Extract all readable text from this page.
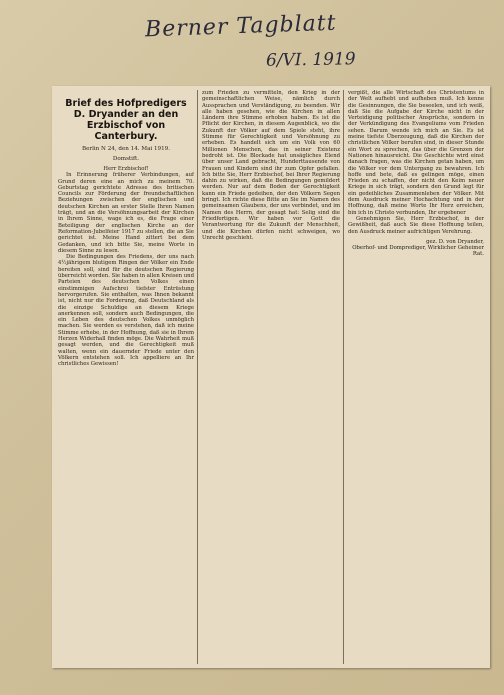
Berner Tagblatt
6/VI. 1919
Brief des Hofpredigers D. Dryander an den Erzbischof von Canterbury.
Berlin N 24, den 14. Mai 1919.
Domstift.

Herr Erzbischof!

In Erinnerung früherer Verbindungen, auf Grund deren eine an mich zu meinem 70. Geburtstag gerichtete Adresse des britischen Councils zur Förderung der freundschaftlichen Beziehungen zwischen der englischen und deutschen Kirchen an erster Stelle Ihren Namen trägt, und an die Versöhnungsarbeit der Kirchen in Ihrem Sinne, wage ich es, die Frage einer Beteiligung der englischen Kirche an der Reformation-Jubelfeier 1917 zu stellen, die an Sie gerichtet ist. Meine Hand zittert bei dem Gedanken, und ich bitte Sie, meine Worte in diesem Sinne zu lesen.

Die Bedingungen des Friedens, der uns nach 4½jährigem blutigem Ringen der Völker ein Ende bereiten soll, sind für die deutschen Regierung überreicht worden. Sie haben in allen Kreisen und Parteien des deutschen Volkes einen einstimmigen Aufschrei tiefster Entrüstung hervorgerufen. Sie enthalten, was Ihnen bekannt ist, nicht nur die Forderung, daß Deutschland als die einzige Schuldige an diesem Kriege anerkennen soll, sondern auch Bedingungen, die ein Leben des deutschen Volkes unmöglich machen. Sie werden es verstehen, daß ich meine Stimme erhebe, in der Hoffnung, daß sie in Ihrem Herzen Widerhall finden möge. Die Wahrheit muß gesagt werden, und die Gerechtigkeit muß walten, wenn ein dauernder Friede unter den Völkern entstehen soll. Ich appelliere an Ihr christliches Gewissen!

zum Frieden zu vermitteln, den Krieg in der gemeinschaftlichen Weise, nämlich durch Aussprachen und Verständigung, zu beenden. Wir alle haben gesehen, wie die Kirchen in allen Ländern ihre Stimme erhoben haben. Es ist die Pflicht der Kirchen, in diesem Augenblick, wo die Zukunft der Völker auf dem Spiele steht, ihre Stimme für Gerechtigkeit und Versöhnung zu erheben. Es handelt sich um ein Volk von 60 Millionen Menschen, das in seiner Existenz bedroht ist. Die Blockade hat unsägliches Elend über unser Land gebracht, Hunderttausende von Frauen und Kindern sind ihr zum Opfer gefallen. Ich bitte Sie, Herr Erzbischof, bei Ihrer Regierung dahin zu wirken, daß die Bedingungen gemildert werden. Nur auf dem Boden der Gerechtigkeit kann ein Friede gedeihen, der den Völkern Segen bringt. Ich richte diese Bitte an Sie im Namen des gemeinsamen Glaubens, der uns verbindet, und im Namen des Herrn, der gesagt hat: Selig sind die Friedfertigen. Wir haben vor Gott die Verantwortung für die Zukunft der Menschheit, und die Kirchen dürfen nicht schweigen, wo Unrecht geschieht.

vergißt, die alle Wirtschaft des Christentums in der Welt aufhebt und aufheben muß. Ich kenne die Gesinnungen, die Sie beseelen, und ich weiß, daß Sie die Aufgabe der Kirche nicht in der Verteidigung politischer Ansprüche, sondern in der Verkündigung des Evangeliums vom Frieden sehen. Darum wende ich mich an Sie. Es ist meine tiefste Überzeugung, daß die Kirchen der christlichen Völker berufen sind, in dieser Stunde ein Wort zu sprechen, das über die Grenzen der Nationen hinausreicht. Die Geschichte wird einst danach fragen, was die Kirchen getan haben, um die Völker vor dem Untergang zu bewahren. Ich hoffe und bete, daß es gelingen möge, einen Frieden zu schaffen, der nicht den Keim neuer Kriege in sich trägt, sondern den Grund legt für ein gedeihliches Zusammenleben der Völker. Mit dem Ausdruck meiner Hochachtung und in der Hoffnung, daß meine Worte Ihr Herz erreichen, bin ich in Christo verbunden, Ihr ergebener

Genehmigen Sie, Herr Erzbischof, in der Gewißheit, daß auch Sie diese Hoffnung teilen, den Ausdruck meiner aufrichtigen Verehrung.

gez. D. von Dryander,

Oberhof- und Domprediger, Wirklicher Geheimer Rat.
